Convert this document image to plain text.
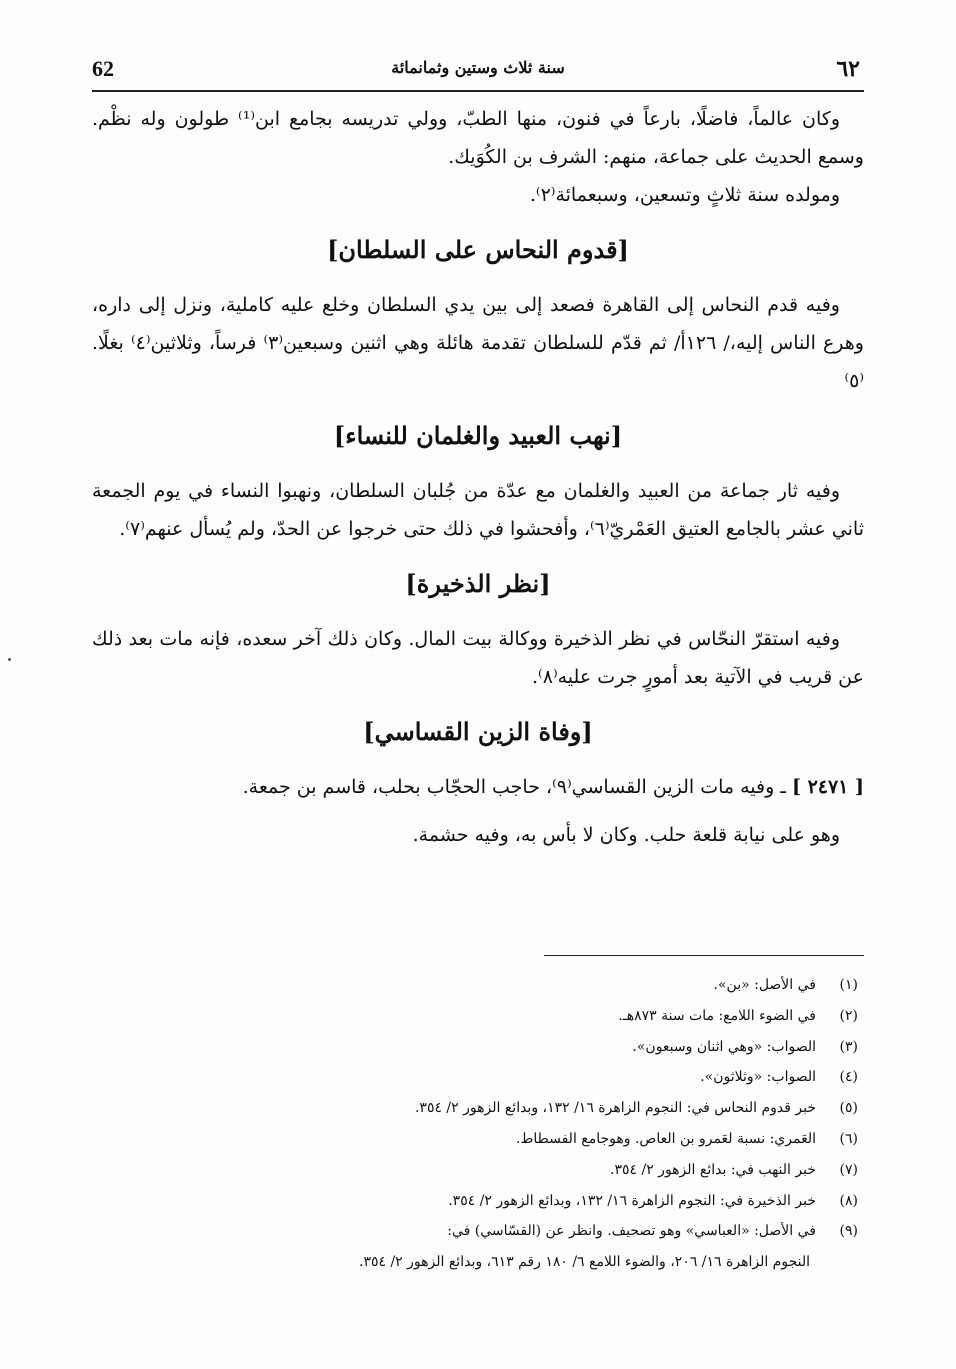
62	سنة ثلاث وستين وثمانمائة	٦٢

وكان عالماً، فاضلًا، بارعاً في فنون، منها الطبّ، وولي تدريسه بجامع ابن⁽¹⁾ طولون وله نظْم. وسمع الحديث على جماعة، منهم: الشرف بن الكُوَيك.

ومولده سنة ثلاثٍ وتسعين، وسبعمائة⁽٢⁾.

[قدوم النحاس على السلطان]

وفيه قدم النحاس إلى القاهرة فصعد إلى بين يدي السلطان وخلع عليه كاملية، ونزل إلى داره، وهرع الناس إليه،/ ١٢٦أ/ ثم قدّم للسلطان تقدمة هائلة وهي اثنين وسبعين⁽٣⁾ فرساً، وثلاثين⁽٤⁾ بغلًا.⁽٥⁾

[نهب العبيد والغلمان للنساء]

وفيه ثار جماعة من العبيد والغلمان مع عدّة من جُلبان السلطان، ونهبوا النساء في يوم الجمعة ثاني عشر بالجامع العتيق العَمْريّ⁽٦⁾، وأفحشوا في ذلك حتى خرجوا عن الحدّ، ولم يُسأل عنهم⁽٧⁾.

[نظر الذخيرة]

وفيه استقرّ النحّاس في نظر الذخيرة ووكالة بيت المال. وكان ذلك آخر سعده، فإنه مات بعد ذلك عن قريب في الآتية بعد أمورٍ جرت عليه⁽٨⁾.

[وفاة الزين القساسي]

[ ٢٤٧١ ] ـ وفيه مات الزين القساسي⁽٩⁾، حاجب الحجّاب بحلب، قاسم بن جمعة.

وهو على نيابة قلعة حلب. وكان لا بأس به، وفيه حشمة.

(١)في الأصل: «بن».
(٢)في الضوء اللامع: مات سنة ٨٧٣هـ.
(٣)الصواب: «وهي اثنان وسبعون».
(٤)الصواب: «وثلاثون».
(٥)خبر قدوم النحاس في: النجوم الزاهرة ١٦/ ١٣٢، وبدائع الزهور ٢/ ٣٥٤.
(٦)العَمري: نسبة لعَمرو بن العاص. وهوجامع الفسطاط.
(٧)خبر النهب في: بدائع الزهور ٢/ ٣٥٤.
(٨)خبر الذخيرة في: النجوم الزاهرة ١٦/ ١٣٢، وبدائع الزهور ٢/ ٣٥٤.
(٩)في الأصل: «العباسي» وهو تصحيف. وانظر عن (القسّاسي) في:
النجوم الزاهرة ١٦/ ٢٠٦، والضوء اللامع ٦/ ١٨٠ رقم ٦١٣، وبدائع الزهور ٢/ ٣٥٤.
